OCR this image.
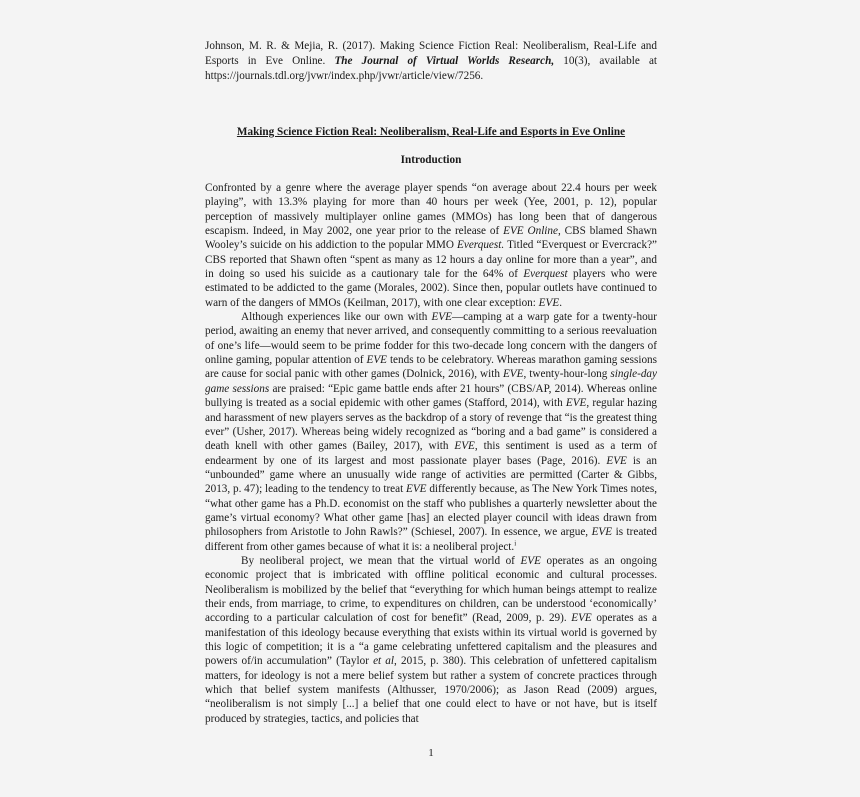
Johnson, M. R. & Mejia, R. (2017). Making Science Fiction Real: Neoliberalism, Real-Life and Esports in Eve Online. The Journal of Virtual Worlds Research, 10(3), available at https://journals.tdl.org/jvwr/index.php/jvwr/article/view/7256.
Making Science Fiction Real: Neoliberalism, Real-Life and Esports in Eve Online
Introduction

Confronted by a genre where the average player spends “on average about 22.4 hours per week playing”, with 13.3% playing for more than 40 hours per week (Yee, 2001, p. 12), popular perception of massively multiplayer online games (MMOs) has long been that of dangerous escapism. Indeed, in May 2002, one year prior to the release of EVE Online, CBS blamed Shawn Wooley’s suicide on his addiction to the popular MMO Everquest. Titled “Everquest or Evercrack?” CBS reported that Shawn often “spent as many as 12 hours a day online for more than a year”, and in doing so used his suicide as a cautionary tale for the 64% of Everquest players who were estimated to be addicted to the game (Morales, 2002). Since then, popular outlets have continued to warn of the dangers of MMOs (Keilman, 2017), with one clear exception: EVE.

Although experiences like our own with EVE—camping at a warp gate for a twenty-hour period, awaiting an enemy that never arrived, and consequently committing to a serious reevaluation of one’s life—would seem to be prime fodder for this two-decade long concern with the dangers of online gaming, popular attention of EVE tends to be celebratory. Whereas marathon gaming sessions are cause for social panic with other games (Dolnick, 2016), with EVE, twenty-hour-long single-day game sessions are praised: “Epic game battle ends after 21 hours” (CBS/AP, 2014). Whereas online bullying is treated as a social epidemic with other games (Stafford, 2014), with EVE, regular hazing and harassment of new players serves as the backdrop of a story of revenge that “is the greatest thing ever” (Usher, 2017). Whereas being widely recognized as “boring and a bad game” is considered a death knell with other games (Bailey, 2017), with EVE, this sentiment is used as a term of endearment by one of its largest and most passionate player bases (Page, 2016). EVE is an “unbounded” game where an unusually wide range of activities are permitted (Carter & Gibbs, 2013, p. 47); leading to the tendency to treat EVE differently because, as The New York Times notes, “what other game has a Ph.D. economist on the staff who publishes a quarterly newsletter about the game’s virtual economy? What other game [has] an elected player council with ideas drawn from philosophers from Aristotle to John Rawls?” (Schiesel, 2007). In essence, we argue, EVE is treated different from other games because of what it is: a neoliberal project.$^i$

By neoliberal project, we mean that the virtual world of EVE operates as an ongoing economic project that is imbricated with offline political economic and cultural processes. Neoliberalism is mobilized by the belief that “everything for which human beings attempt to realize their ends, from marriage, to crime, to expenditures on children, can be understood ‘economically’ according to a particular calculation of cost for benefit” (Read, 2009, p. 29). EVE operates as a manifestation of this ideology because everything that exists within its virtual world is governed by this logic of competition; it is a “a game celebrating unfettered capitalism and the pleasures and powers of/in accumulation” (Taylor et al, 2015, p. 380). This celebration of unfettered capitalism matters, for ideology is not a mere belief system but rather a system of concrete practices through which that belief system manifests (Althusser, 1970/2006); as Jason Read (2009) argues, “neoliberalism is not simply [...] a belief that one could elect to have or not have, but is itself produced by strategies, tactics, and policies that

1
